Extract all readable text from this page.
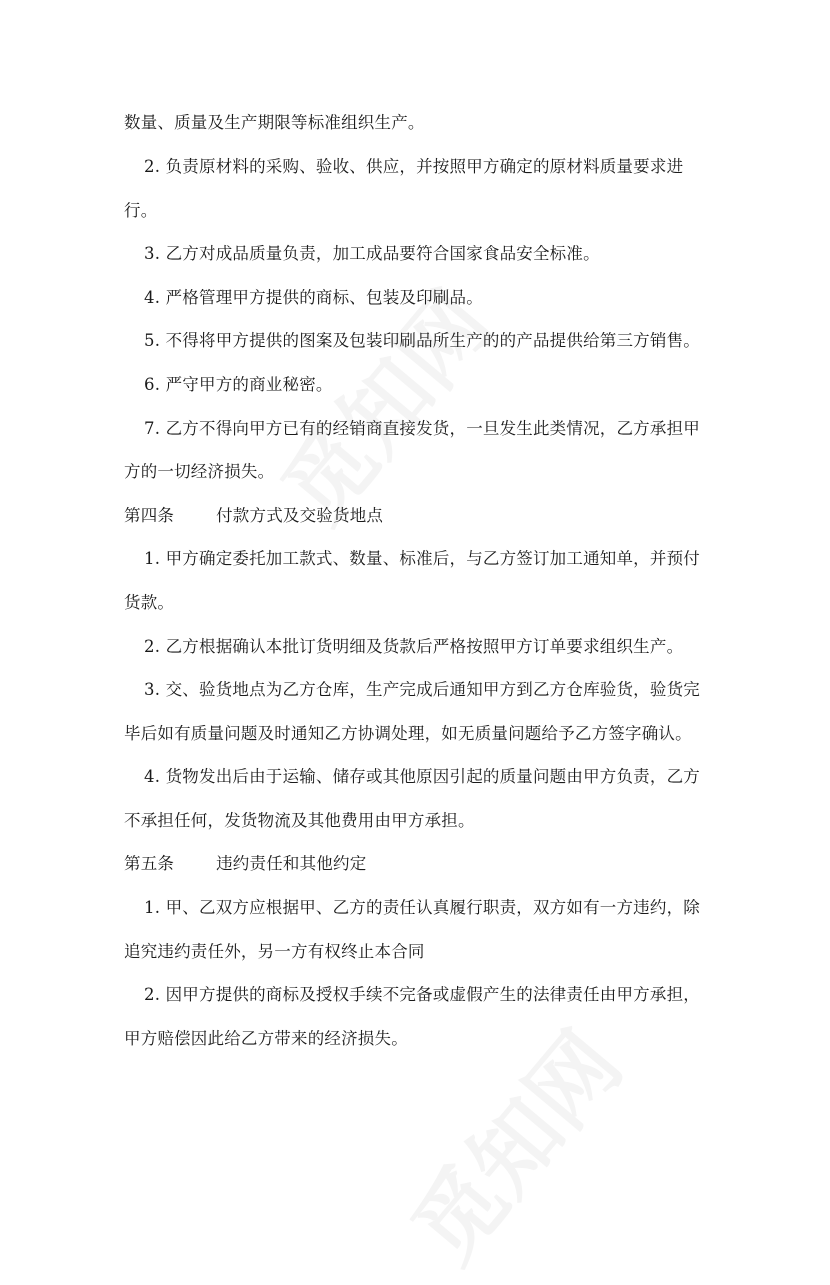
数量、质量及生产期限等标准组织生产。
2. 负责原材料的采购、验收、供应，并按照甲方确定的原材料质量要求进
行。
3. 乙方对成品质量负责，加工成品要符合国家食品安全标准。
4. 严格管理甲方提供的商标、包装及印刷品。
5. 不得将甲方提供的图案及包装印刷品所生产的的产品提供给第三方销售。
6. 严守甲方的商业秘密。
7. 乙方不得向甲方已有的经销商直接发货，一旦发生此类情况，乙方承担甲
方的一切经济损失。
第四条	付款方式及交验货地点
1. 甲方确定委托加工款式、数量、标准后，与乙方签订加工通知单，并预付
货款。
2. 乙方根据确认本批订货明细及货款后严格按照甲方订单要求组织生产。
3. 交、验货地点为乙方仓库，生产完成后通知甲方到乙方仓库验货，验货完
毕后如有质量问题及时通知乙方协调处理，如无质量问题给予乙方签字确认。
4. 货物发出后由于运输、储存或其他原因引起的质量问题由甲方负责，乙方
不承担任何，发货物流及其他费用由甲方承担。
第五条	违约责任和其他约定
1. 甲、乙双方应根据甲、乙方的责任认真履行职责，双方如有一方违约，除
追究违约责任外，另一方有权终止本合同
2. 因甲方提供的商标及授权手续不完备或虚假产生的法律责任由甲方承担，
甲方赔偿因此给乙方带来的经济损失。
